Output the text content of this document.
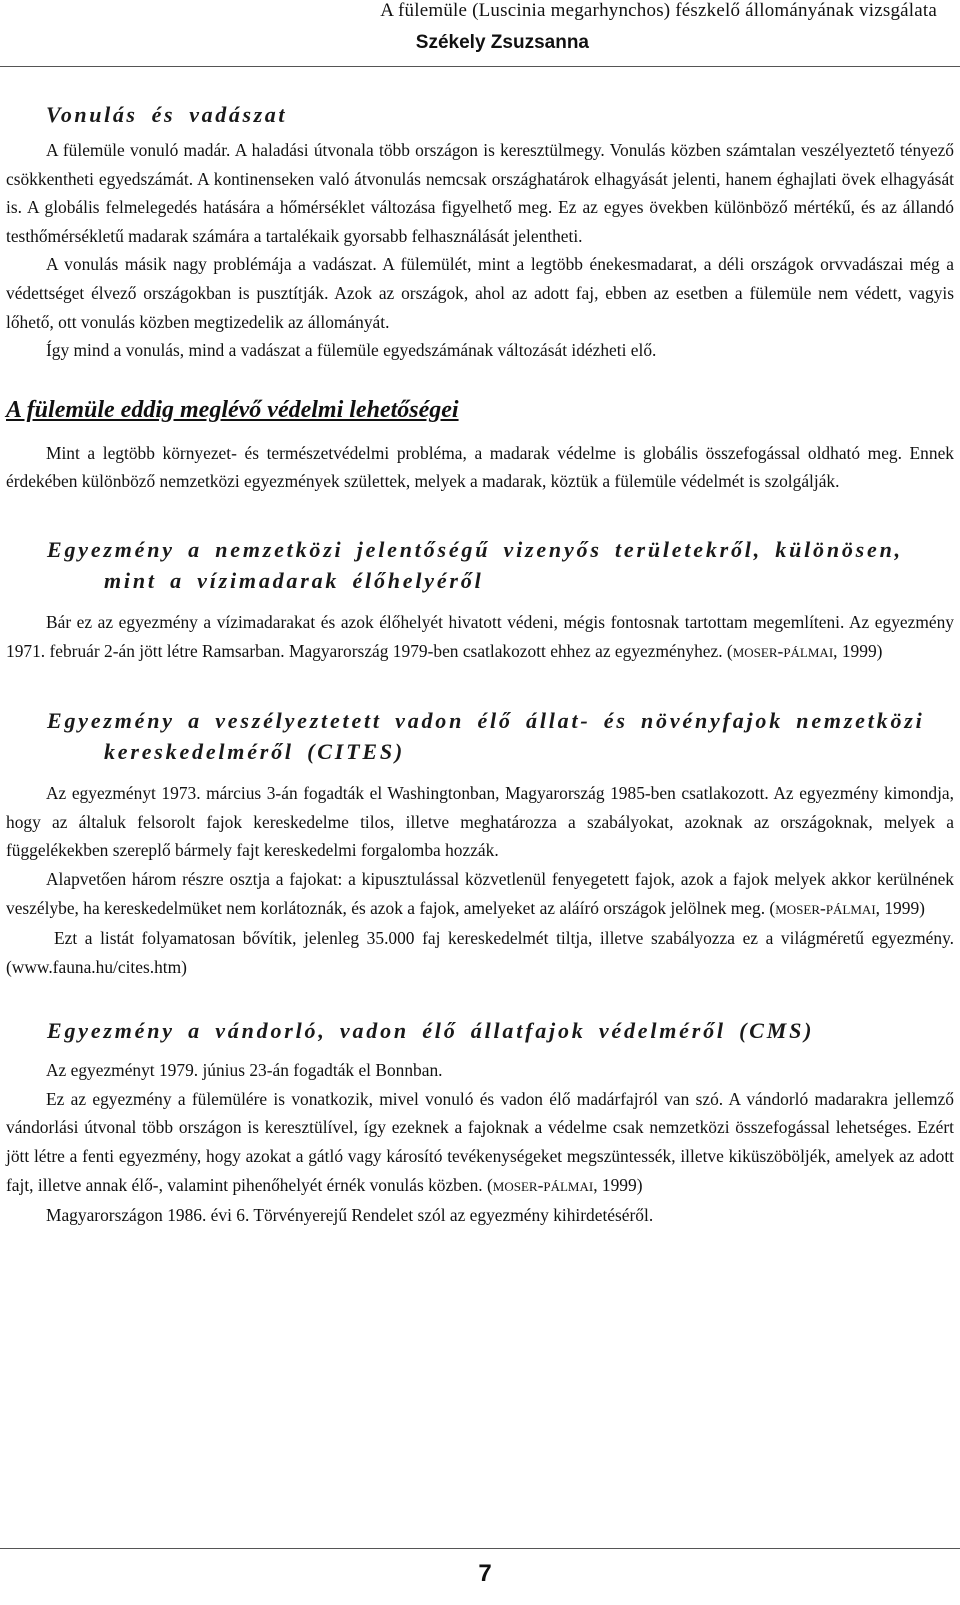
A fülemüle (Luscinia megarhynchos) fészkelő állományának vizsgálata
Székely Zsuzsanna
Vonulás és vadászat

A fülemüle vonuló madár. A haladási útvonala több országon is keresztülmegy. Vonulás közben számtalan veszélyeztető tényező csökkentheti egyedszámát. A kontinenseken való átvonulás nemcsak országhatárok elhagyását jelenti, hanem éghajlati övek elhagyását is. A globális felmelegedés hatására a hőmérséklet változása figyelhető meg. Ez az egyes övekben különböző mértékű, és az állandó testhőmérsékletű madarak számára a tartalékaik gyorsabb felhasználását jelentheti.

A vonulás másik nagy problémája a vadászat. A fülemülét, mint a legtöbb énekesmadarat, a déli országok orvvadászai még a védettséget élvező országokban is pusztítják. Azok az országok, ahol az adott faj, ebben az esetben a fülemüle nem védett, vagyis lőhető, ott vonulás közben megtizedelik az állományát.

Így mind a vonulás, mind a vadászat a fülemüle egyedszámának változását idézheti elő.

A fülemüle eddig meglévő védelmi lehetőségei

Mint a legtöbb környezet- és természetvédelmi probléma, a madarak védelme is globális összefogással oldható meg. Ennek érdekében különböző nemzetközi egyezmények születtek, melyek a madarak, köztük a fülemüle védelmét is szolgálják.

Egyezmény a nemzetközi jelentőségű vizenyős területekről, különösen,
mint a vízimadarak élőhelyéről

Bár ez az egyezmény a vízimadarakat és azok élőhelyét hivatott védeni, mégis fontosnak tartottam megemlíteni. Az egyezmény 1971. február 2-án jött létre Ramsarban. Magyarország 1979-ben csatlakozott ehhez az egyezményhez. (MOSER-PÁLMAI, 1999)

Egyezmény a veszélyeztetett vadon élő állat- és növényfajok nemzetközi
kereskedelméről (CITES)

Az egyezményt 1973. március 3-án fogadták el Washingtonban, Magyarország 1985-ben csatlakozott. Az egyezmény kimondja, hogy az általuk felsorolt fajok kereskedelme tilos, illetve meghatározza a szabályokat, azoknak az országoknak, melyek a függelékekben szereplő bármely fajt kereskedelmi forgalomba hozzák.

Alapvetően három részre osztja a fajokat: a kipusztulással közvetlenül fenyegetett fajok, azok a fajok melyek akkor kerülnének veszélybe, ha kereskedelmüket nem korlátoznák, és azok a fajok, amelyeket az aláíró országok jelölnek meg. (MOSER-PÁLMAI, 1999)

Ezt a listát folyamatosan bővítik, jelenleg 35.000 faj kereskedelmét tiltja, illetve szabályozza ez a világméretű egyezmény. (www.fauna.hu/cites.htm)

Egyezmény a vándorló, vadon élő állatfajok védelméről (CMS)

Az egyezményt 1979. június 23-án fogadták el Bonnban.

Ez az egyezmény a fülemülére is vonatkozik, mivel vonuló és vadon élő madárfajról van szó. A vándorló madarakra jellemző vándorlási útvonal több országon is keresztülível, így ezeknek a fajoknak a védelme csak nemzetközi összefogással lehetséges. Ezért jött létre a fenti egyezmény, hogy azokat a gátló vagy károsító tevékenységeket megszüntessék, illetve kiküszöböljék, amelyek az adott fajt, illetve annak élő-, valamint pihenőhelyét érnék vonulás közben. (MOSER-PÁLMAI, 1999)

Magyarországon 1986. évi 6. Törvényerejű Rendelet szól az egyezmény kihirdetéséről.

7
